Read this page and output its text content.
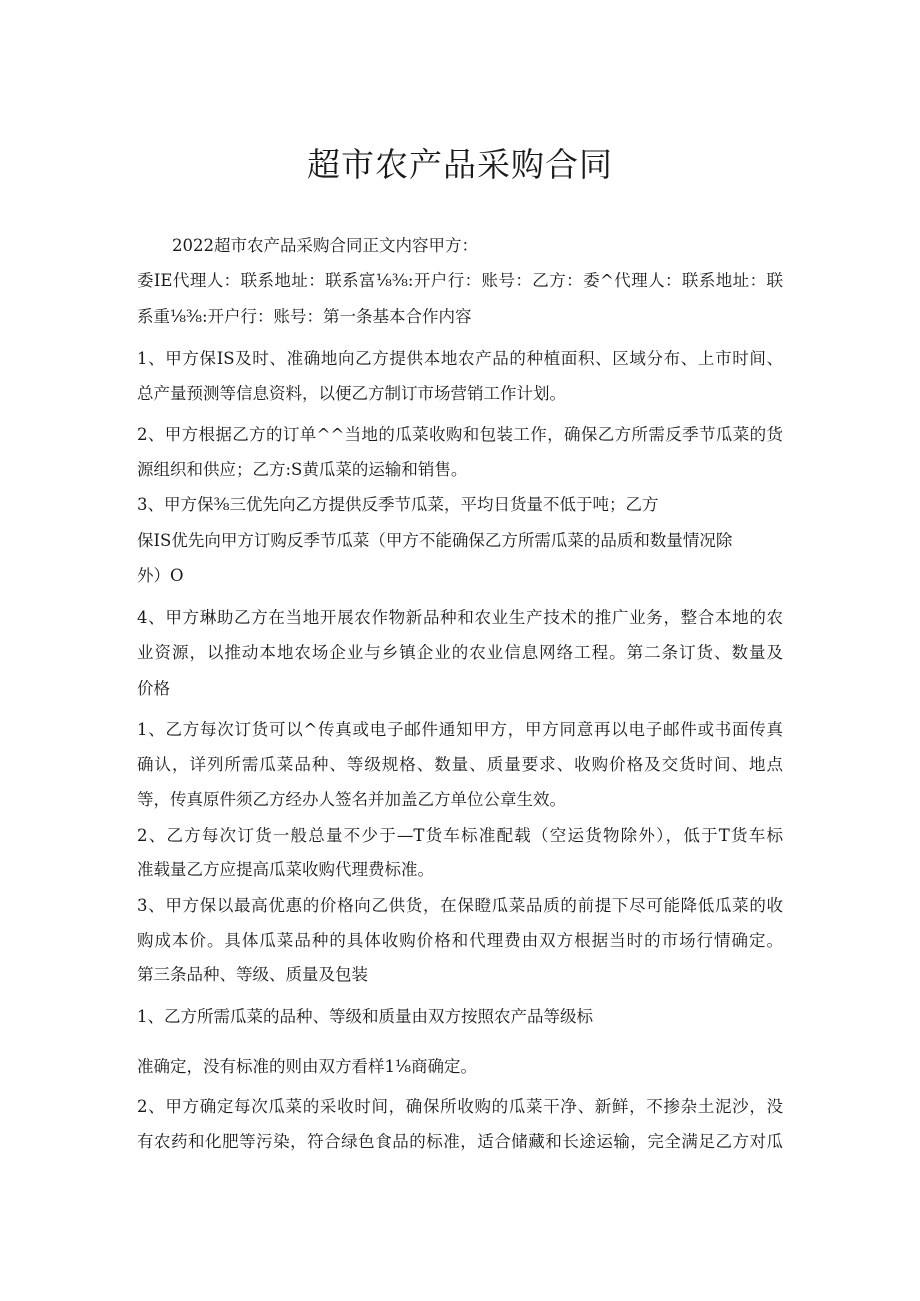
超市农产品采购合同

2022超市农产品采购合同正文内容甲方：

委IE代理人：联系地址：联系富⅛⅜:开户行：账号：乙方：委^代理人：联系地址：联

系重⅛⅜:开户行：账号：第一条基本合作内容

1、甲方保IS及时、准确地向乙方提供本地农产品的种植面积、区域分布、上市时间、

总产量预测等信息资料，以便乙方制订市场营销工作计划。

2、甲方根据乙方的订单^^当地的瓜菜收购和包装工作，确保乙方所需反季节瓜菜的货

源组织和供应；乙方:S黄瓜菜的运输和销售。

3、甲方保⅜三优先向乙方提供反季节瓜菜，平均日货量不低于吨；乙方

保IS优先向甲方订购反季节瓜菜（甲方不能确保乙方所需瓜菜的品质和数量情况除

外）O

4、甲方琳助乙方在当地开展农作物新品种和农业生产技术的推广业务，整合本地的农

业资源，以推动本地农场企业与乡镇企业的农业信息网络工程。第二条订货、数量及

价格

1、乙方每次订货可以^传真或电子邮件通知甲方，甲方同意再以电子邮件或书面传真

确认，详列所需瓜菜品种、等级规格、数量、质量要求、收购价格及交货时间、地点

等，传真原件须乙方经办人签名并加盖乙方单位公章生效。

2、乙方每次订货一般总量不少于—T货车标准配载（空运货物除外），低于T货车标

准载量乙方应提高瓜菜收购代理费标准。

3、甲方保以最高优惠的价格向乙供货，在保瞪瓜菜品质的前提下尽可能降低瓜菜的收

购成本价。具体瓜菜品种的具体收购价格和代理费由双方根据当时的市场行情确定。

第三条品种、等级、质量及包装

1、乙方所需瓜菜的品种、等级和质量由双方按照农产品等级标

准确定，没有标准的则由双方看样1⅛商确定。

2、甲方确定每次瓜菜的采收时间，确保所收购的瓜菜干净、新鲜，不掺杂土泥沙，没

有农药和化肥等污染，符合绿色食品的标准，适合储藏和长途运输，完全满足乙方对瓜
